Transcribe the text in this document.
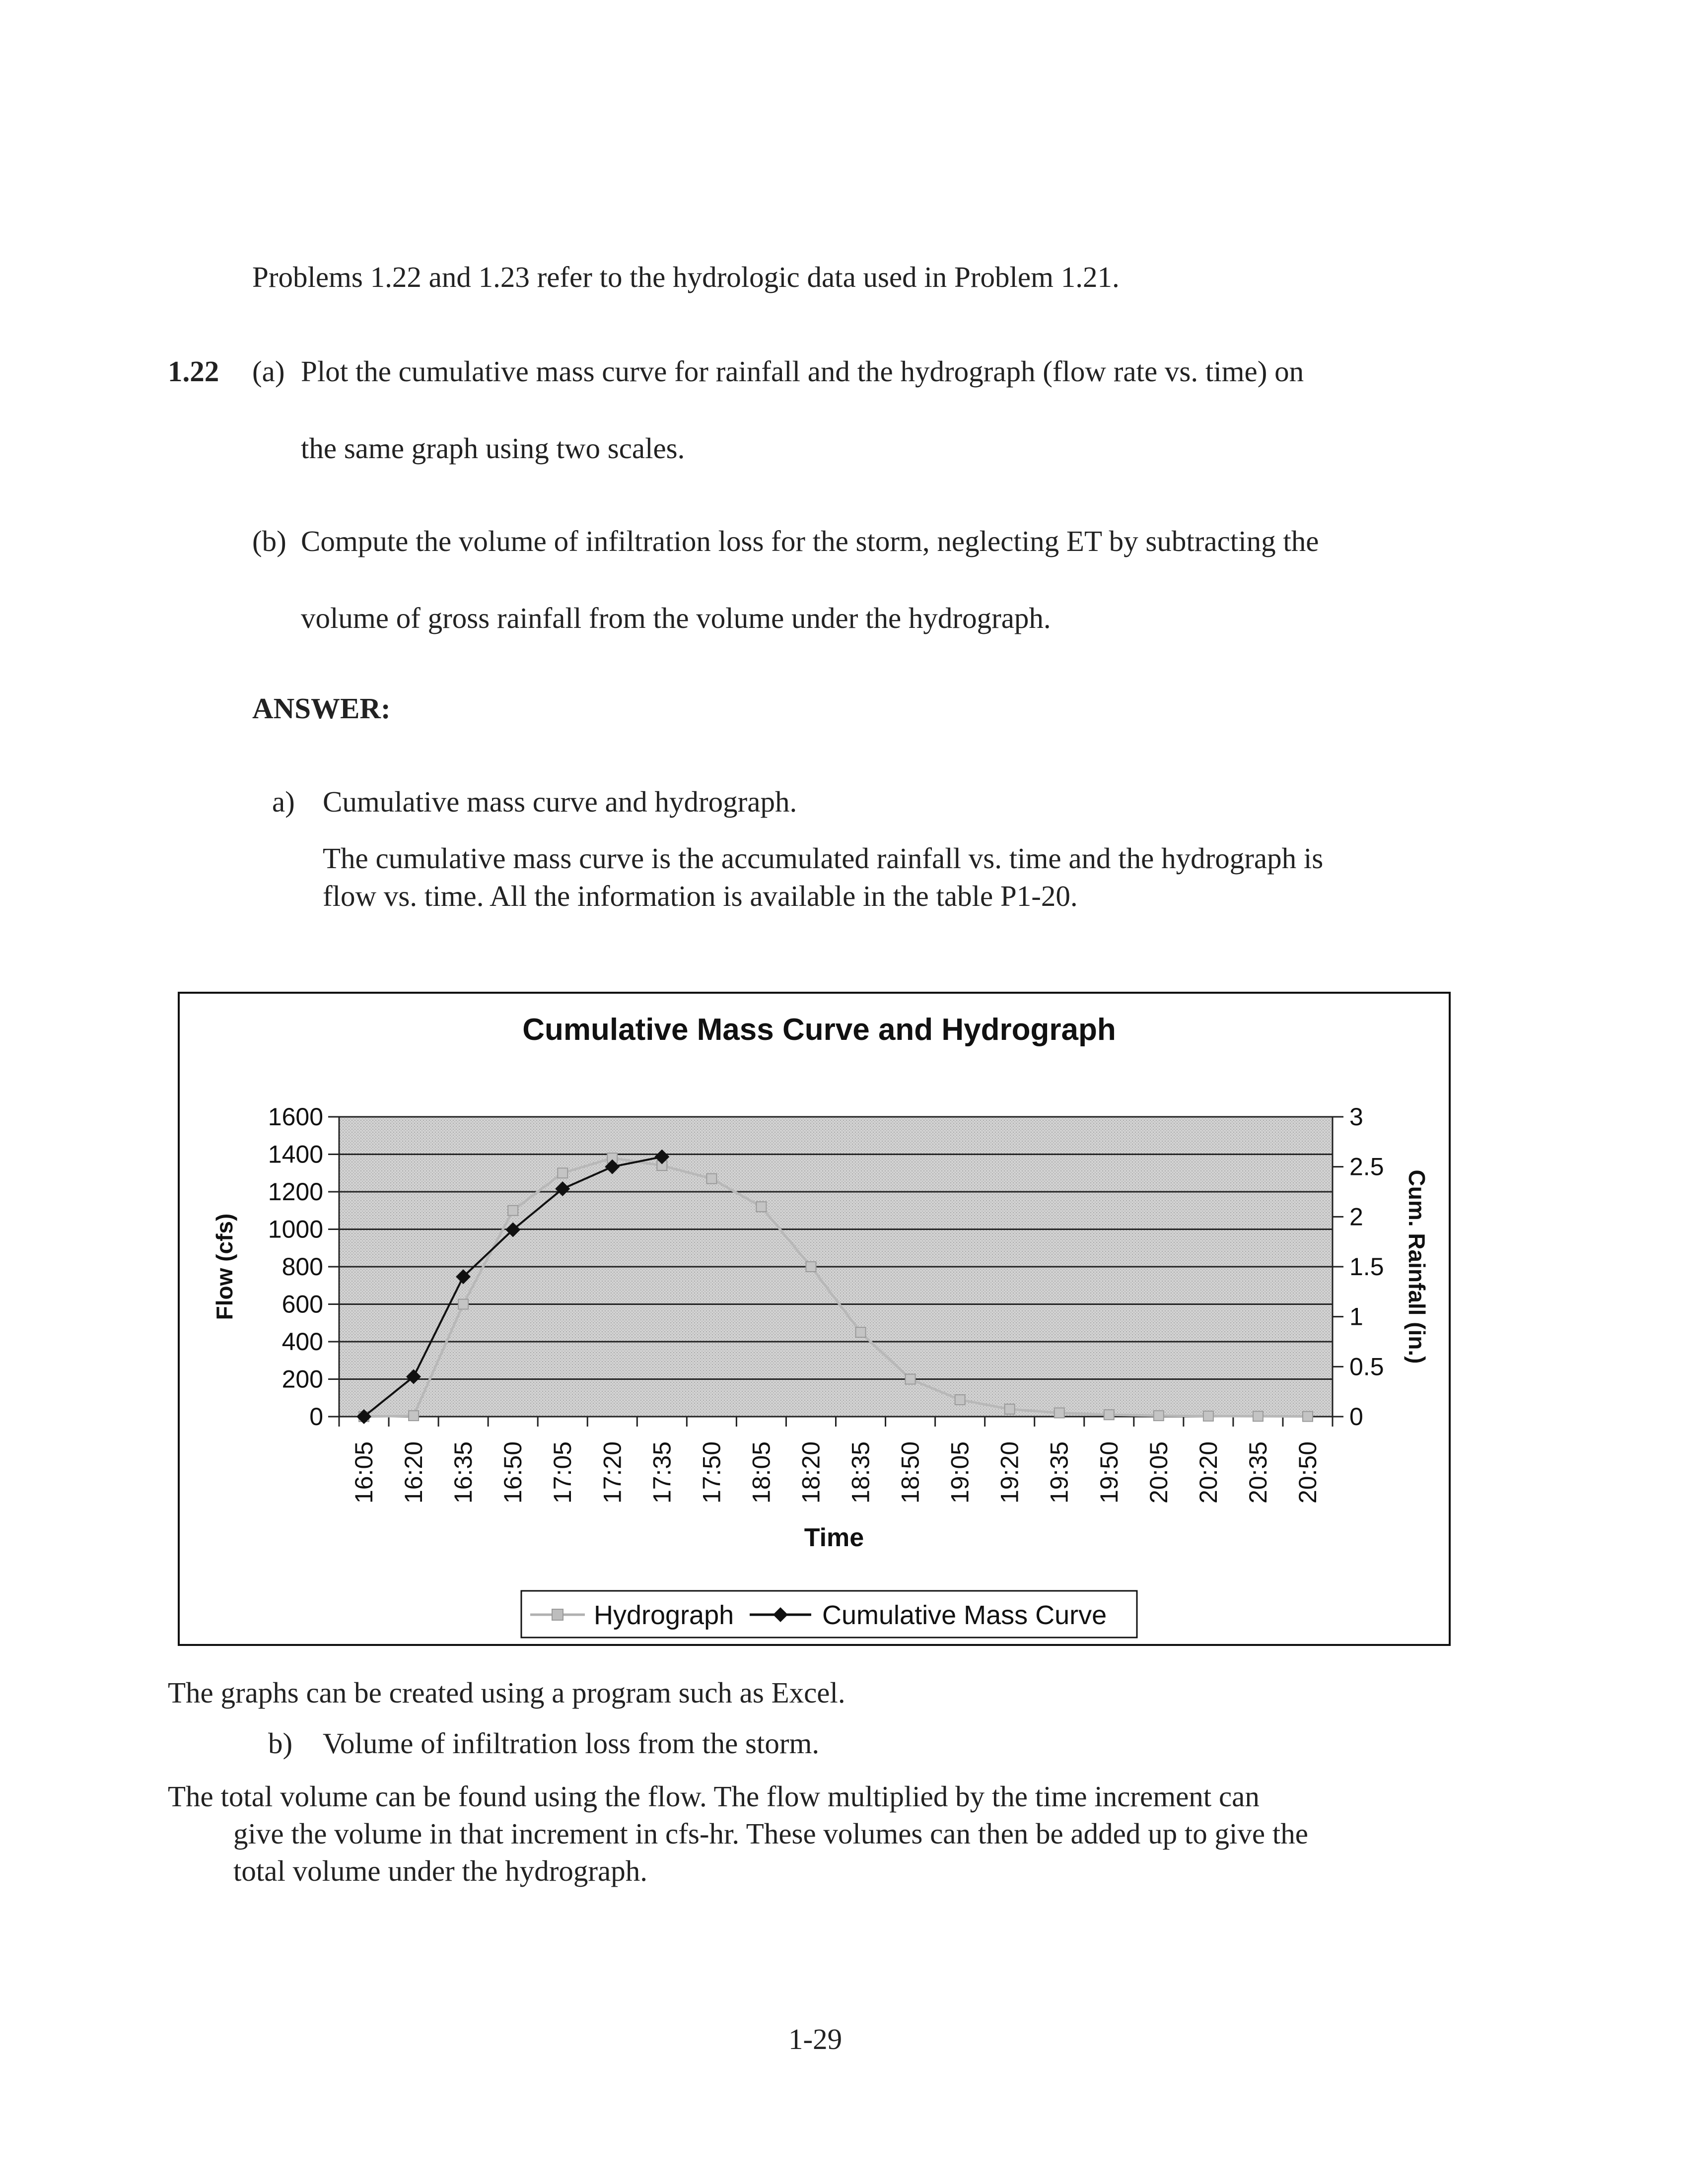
Problems 1.22 and 1.23 refer to the hydrologic data used in Problem 1.21.
1.22 (a) Plot the cumulative mass curve for rainfall and the hydrograph (flow rate vs. time) on
the same graph using two scales.
(b) Compute the volume of infiltration loss for the storm, neglecting ET by subtracting the
volume of gross rainfall from the volume under the hydrograph.
ANSWER:
a) Cumulative mass curve and hydrograph.
The cumulative mass curve is the accumulated rainfall vs. time and the hydrograph is
flow vs. time. All the information is available in the table P1-20.
0
200
400
600
800
1000
1200
1400
1600
0
0.5
1
1.5
2
2.5
3
16:05 16:20 16:35 16:50 17:05 17:20 17:35 17:50 18:05 18:20 18:35 18:50 19:05 19:20 19:35 19:50 20:05 20:20 20:35 20:50
Cumulative Mass Curve and Hydrograph
Flow (cfs)	Cum. Rainfall (in.)
Time
Hydrograph	Cumulative Mass Curve
The graphs can be created using a program such as Excel.
b) Volume of infiltration loss from the storm.
The total volume can be found using the flow. The flow multiplied by the time increment can
give the volume in that increment in cfs-hr. These volumes can then be added up to give the
total volume under the hydrograph.
1-29
